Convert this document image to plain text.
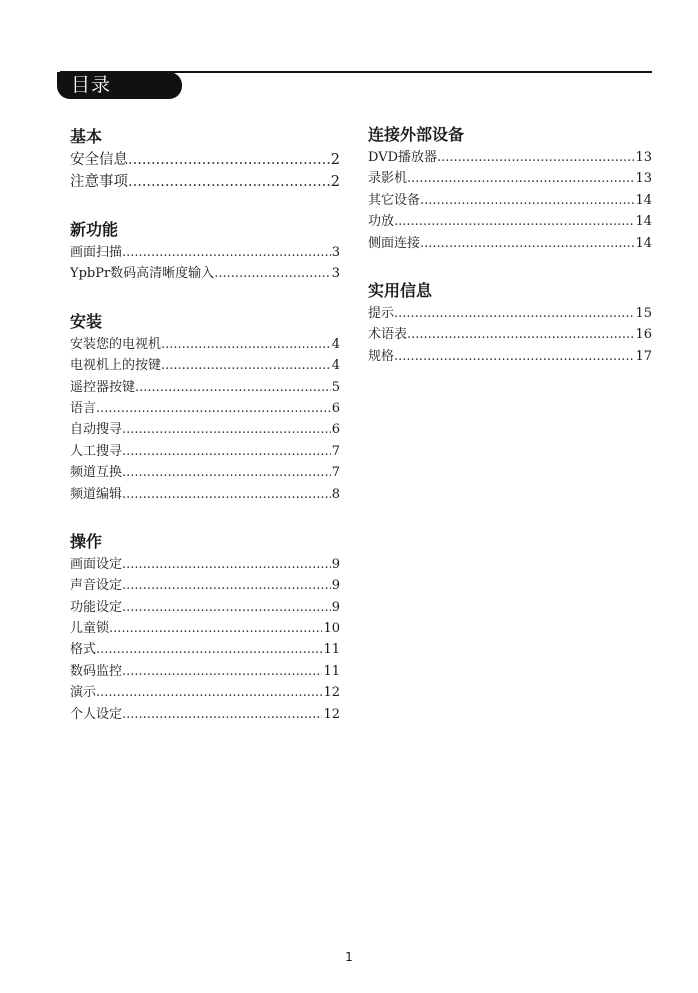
目录
基本
安全信息 .....	2
注意事项 .....	2
新功能
画面扫描 .....	3
YpbPr数码高清晰度输入 .....	3
安装
安装您的电视机 .....	4
电视机上的按键 .....	4
遥控器按键 .....	5
语言 .....	6
自动搜寻 .....	6
人工搜寻 .....	7
频道互换 .....	7
频道编辑 .....	8
操作
画面设定 .....	9
声音设定 .....	9
功能设定 .....	9
儿童锁 .....	10
格式 .....	11
数码监控 .....	11
演示 .....	12
个人设定 .....	12
连接外部设备
DVD播放器 .....	13
录影机 .....	13
其它设备 .....	14
功放 .....	14
侧面连接 .....	14
实用信息
提示 .....	15
术语表 .....	16
规格 .....	17
1
